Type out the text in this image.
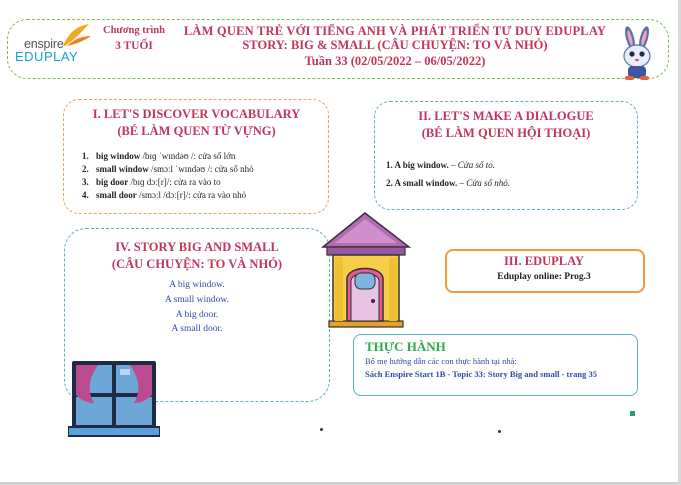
enspire
EDUPLAY
Chương trình
3 TUỔI
LÀM QUEN TRẺ VỚI TIẾNG ANH VÀ PHÁT TRIỂN TƯ DUY EDUPLAY
STORY: BIG & SMALL (CÂU CHUYỆN: TO VÀ NHỎ)
Tuần 33 (02/05/2022 – 06/05/2022)
I. LET'S DISCOVER VOCABULARY
(BÉ LÀM QUEN TỪ VỰNG)
1. big window /bɪɡ ˈwɪndəʊ /: cửa sổ lớn
2. small window /smɔːl ˈwɪndəʊ /: cửa sổ nhỏ
3. big door /bɪɡ dɔː[r]/: cửa ra vào to
4. small door /smɔːl /dɔː[r]/: cửa ra vào nhỏ
II. LET'S MAKE A DIALOGUE
(BÉ LÀM QUEN HỘI THOẠI)
1. A big window. – Cửa sổ to.
2. A small window. – Cửa sổ nhỏ.
IV. STORY BIG AND SMALL
(CÂU CHUYỆN: TO VÀ NHỎ)
A big window.
A small window.
A big door.
A small door.
III. EDUPLAY
Eduplay online: Prog.3
THỰC HÀNH
Bố mẹ hướng dẫn các con thực hành tại nhà:
Sách Enspire Start 1B - Topic 33: Story Big and small - trang 35
